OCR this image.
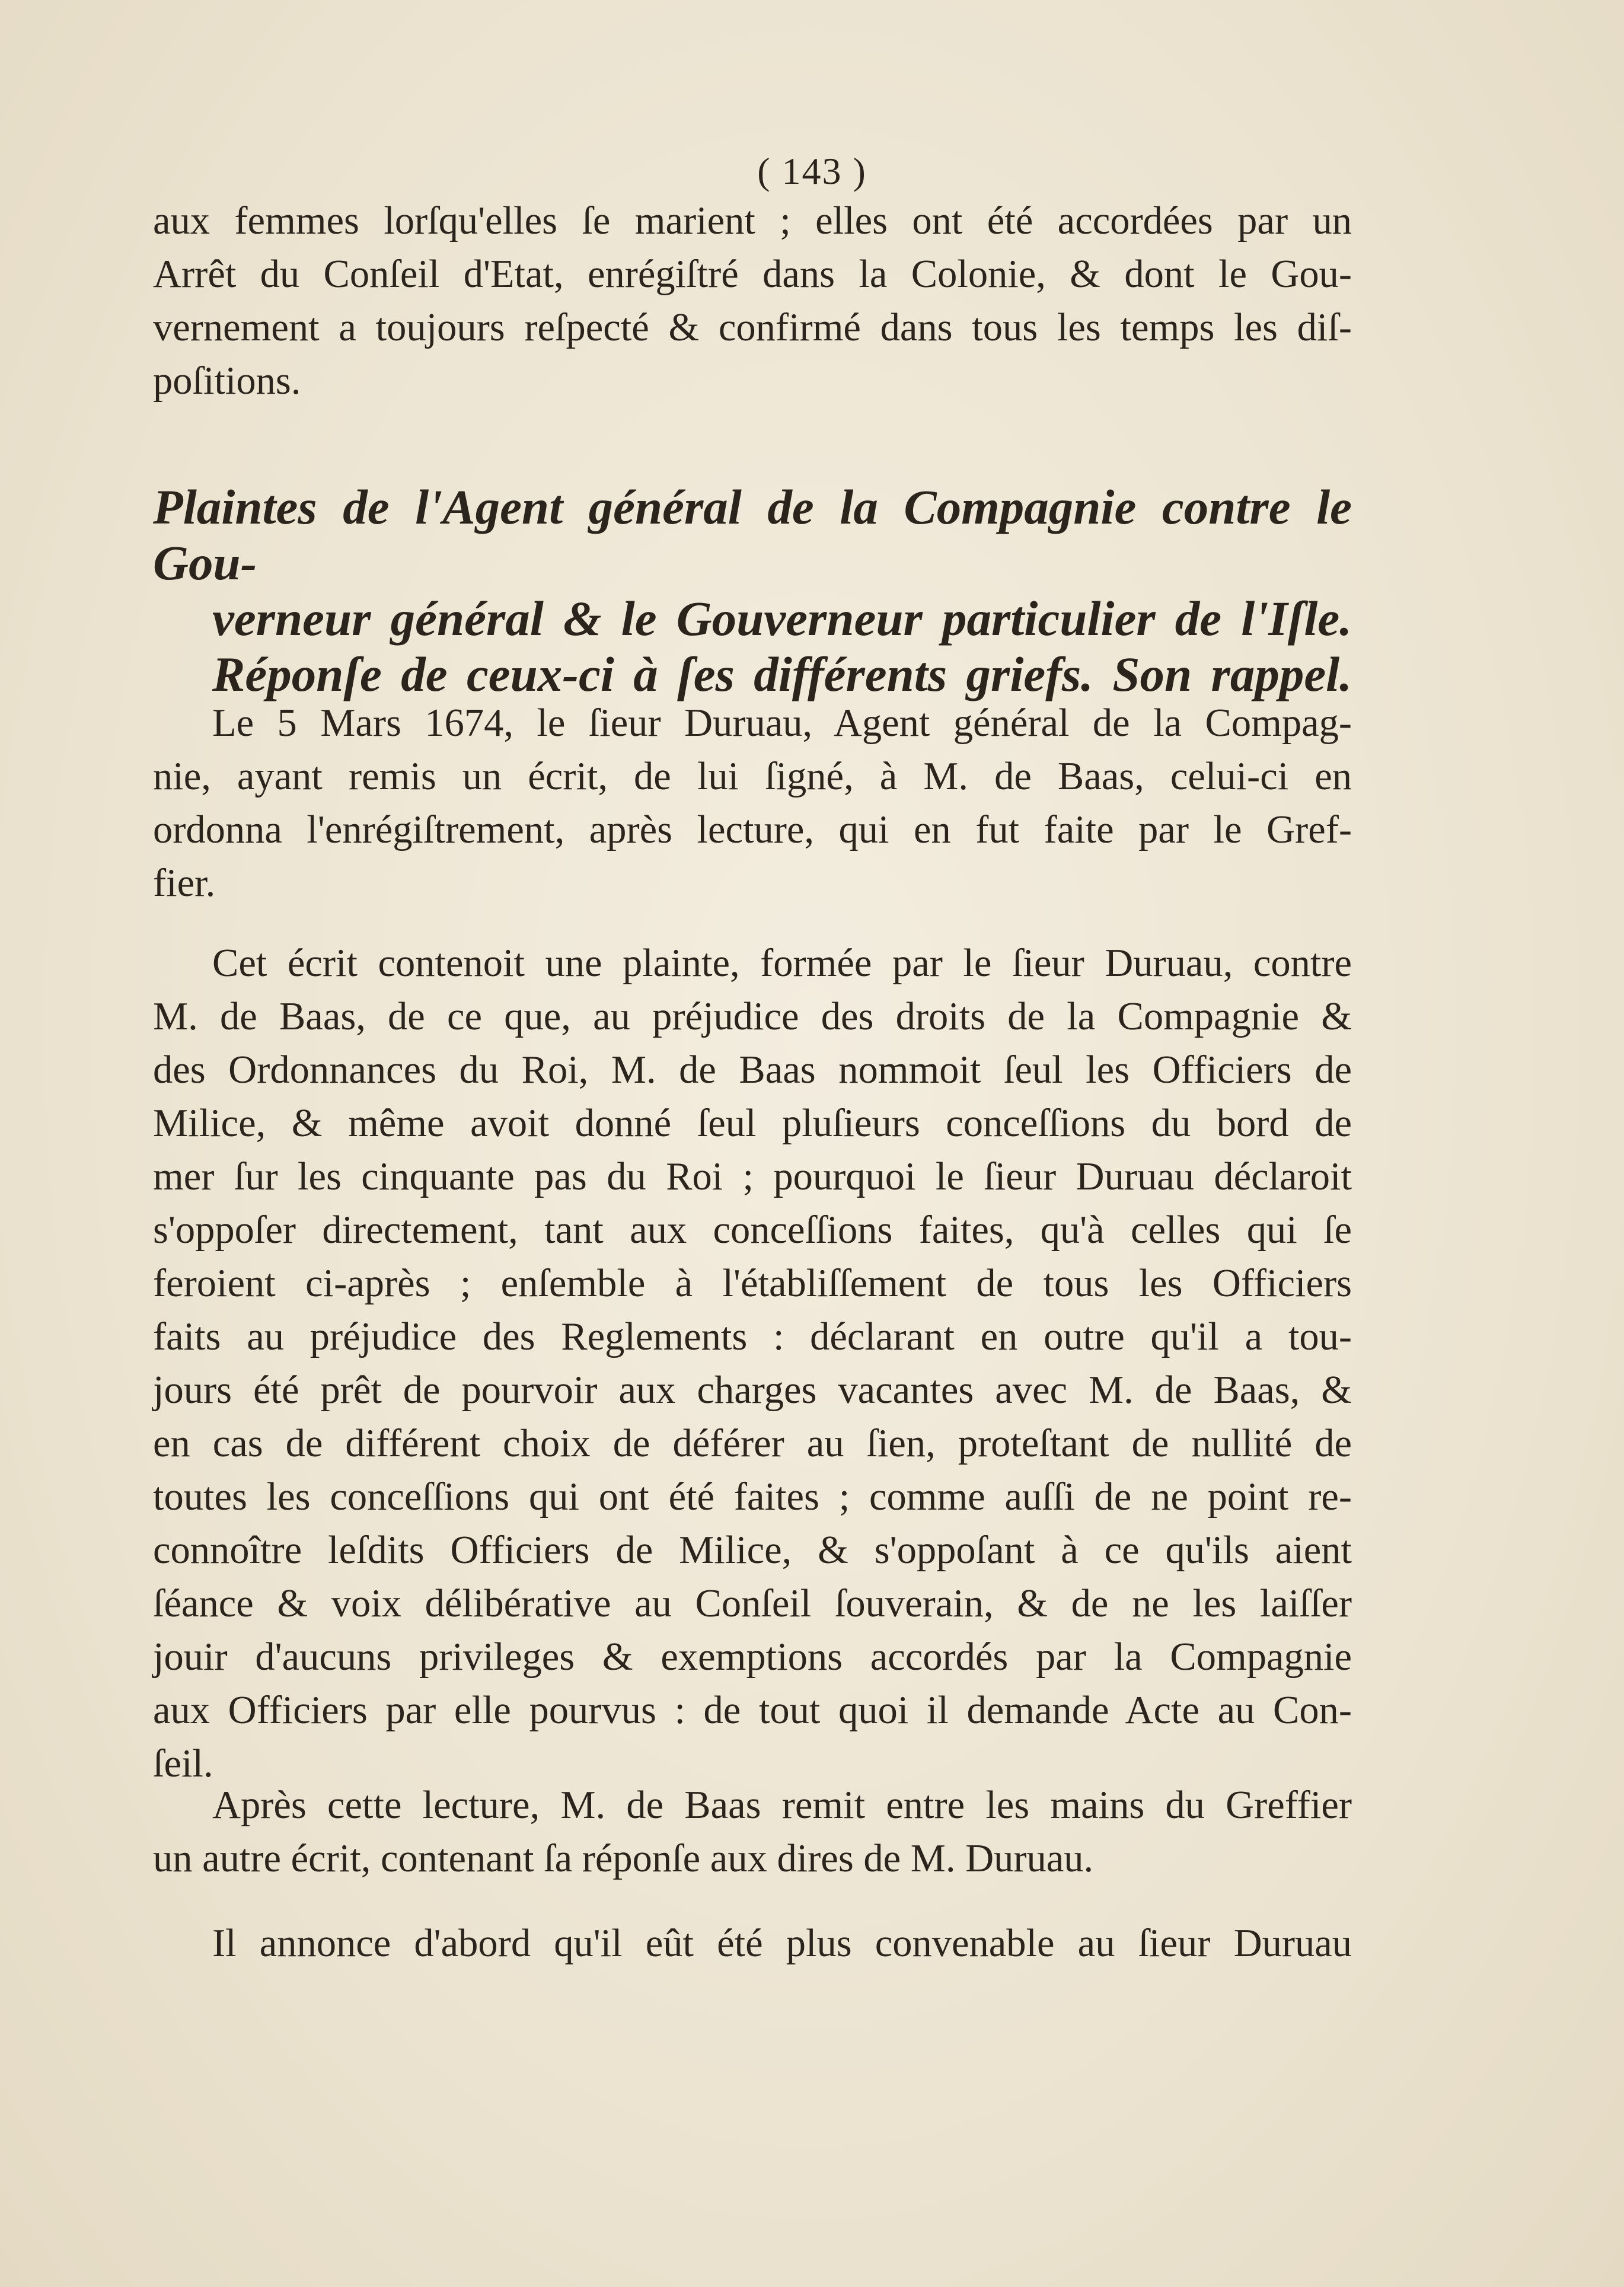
( 143 )

aux femmes lorſqu'elles ſe marient ; elles ont été accordées par un
Arrêt du Conſeil d'Etat, enrégiſtré dans la Colonie, & dont le Gou-
vernement a toujours reſpecté & confirmé dans tous les temps les diſ-
poſitions.

Plaintes de l'Agent général de la Compagnie contre le Gou-
verneur général & le Gouverneur particulier de l'Iſle.
Réponſe de ceux-ci à ſes différents griefs. Son rappel.

Le 5 Mars 1674, le ſieur Duruau, Agent général de la Compag-
nie, ayant remis un écrit, de lui ſigné, à M. de Baas, celui-ci en
ordonna l'enrégiſtrement, après lecture, qui en fut faite par le Gref-
fier.

Cet écrit contenoit une plainte, formée par le ſieur Duruau, contre
M. de Baas, de ce que, au préjudice des droits de la Compagnie &
des Ordonnances du Roi, M. de Baas nommoit ſeul les Officiers de
Milice, & même avoit donné ſeul pluſieurs conceſſions du bord de
mer ſur les cinquante pas du Roi ; pourquoi le ſieur Duruau déclaroit
s'oppoſer directement, tant aux conceſſions faites, qu'à celles qui ſe
feroient ci-après ; enſemble à l'établiſſement de tous les Officiers
faits au préjudice des Reglements : déclarant en outre qu'il a tou-
jours été prêt de pourvoir aux charges vacantes avec M. de Baas, &
en cas de différent choix de déférer au ſien, proteſtant de nullité de
toutes les conceſſions qui ont été faites ; comme auſſi de ne point re-
connoître leſdits Officiers de Milice, & s'oppoſant à ce qu'ils aient
ſéance & voix délibérative au Conſeil ſouverain, & de ne les laiſſer
jouir d'aucuns privileges & exemptions accordés par la Compagnie
aux Officiers par elle pourvus : de tout quoi il demande Acte au Con-
ſeil.

Après cette lecture, M. de Baas remit entre les mains du Greffier
un autre écrit, contenant ſa réponſe aux dires de M. Duruau.

Il annonce d'abord qu'il eût été plus convenable au ſieur Duruau
